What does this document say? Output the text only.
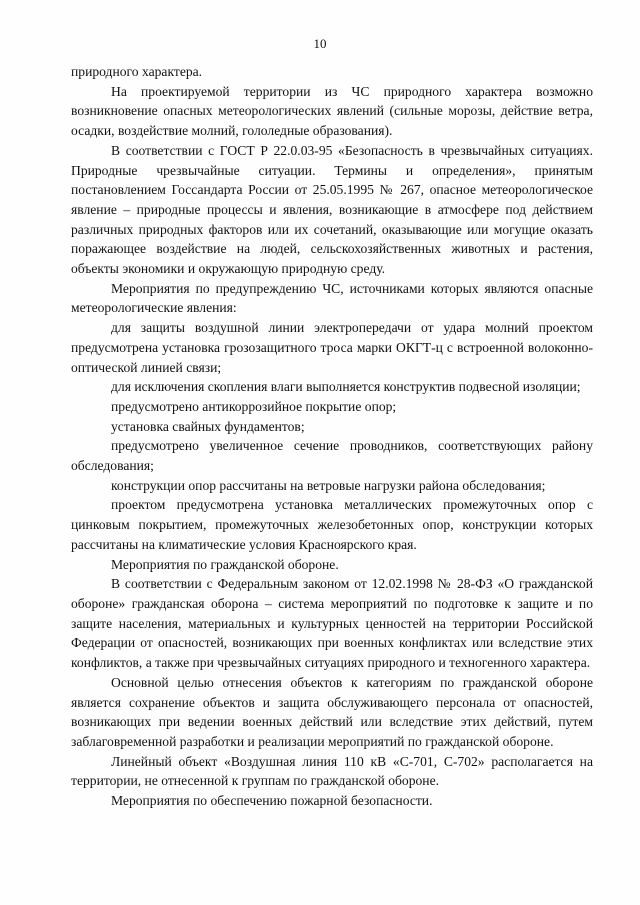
10

природного характера.

На проектируемой территории из ЧС природного характера возможно возникновение опасных метеорологических явлений (сильные морозы, действие ветра, осадки, воздействие молний, гололедные образования).

В соответствии с ГОСТ Р 22.0.03-95 «Безопасность в чрезвычайных ситуациях. Природные чрезвычайные ситуации. Термины и определения», принятым постановлением Госсандарта России от 25.05.1995 № 267, опасное метеорологическое явление – природные процессы и явления, возникающие в атмосфере под действием различных природных факторов или их сочетаний, оказывающие или могущие оказать поражающее воздействие на людей, сельскохозяйственных животных и растения, объекты экономики и окружающую природную среду.

Мероприятия по предупреждению ЧС, источниками которых являются опасные метеорологические явления:

для защиты воздушной линии электропередачи от удара молний проектом предусмотрена установка грозозащитного троса марки ОКГТ-ц с встроенной волоконно-оптической линией связи;

для исключения скопления влаги выполняется конструктив подвесной изоляции;

предусмотрено антикоррозийное покрытие опор;

установка свайных фундаментов;

предусмотрено увеличенное сечение проводников, соответствующих району обследования;

конструкции опор рассчитаны на ветровые нагрузки района обследования;

проектом предусмотрена установка металлических промежуточных опор с цинковым покрытием, промежуточных железобетонных опор, конструкции которых рассчитаны на климатические условия Красноярского края.

Мероприятия по гражданской обороне.

В соответствии с Федеральным законом от 12.02.1998 № 28-ФЗ «О гражданской обороне» гражданская оборона – система мероприятий по подготовке к защите и по защите населения, материальных и культурных ценностей на территории Российской Федерации от опасностей, возникающих при военных конфликтах или вследствие этих конфликтов, а также при чрезвычайных ситуациях природного и техногенного характера.

Основной целью отнесения объектов к категориям по гражданской обороне является сохранение объектов и защита обслуживающего персонала от опасностей, возникающих при ведении военных действий или вследствие этих действий, путем заблаговременной разработки и реализации мероприятий по гражданской обороне.

Линейный объект «Воздушная линия 110 кВ «С-701, С-702» располагается на территории, не отнесенной к группам по гражданской обороне.

Мероприятия по обеспечению пожарной безопасности.
